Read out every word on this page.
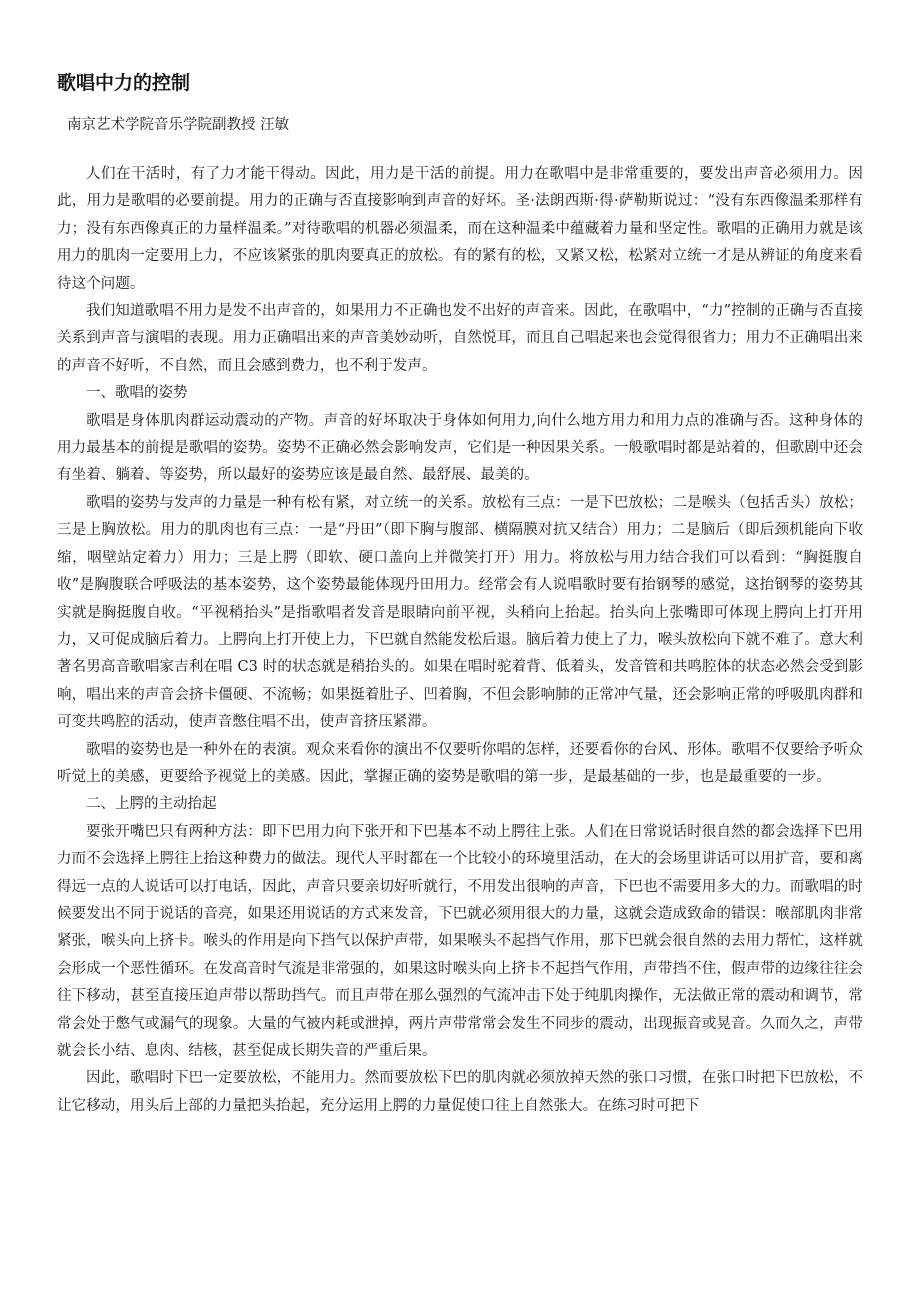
歌唱中力的控制
南京艺术学院音乐学院副教授 汪敏

人们在干活时，有了力才能干得动。因此，用力是干活的前提。用力在歌唱中是非常重要的，要发出声音必须用力。因此，用力是歌唱的必要前提。用力的正确与否直接影响到声音的好坏。圣·法朗西斯·得·萨勒斯说过：“没有东西像温柔那样有力；没有东西像真正的力量样温柔。”对待歌唱的机器必须温柔，而在这种温柔中蕴藏着力量和坚定性。歌唱的正确用力就是该用力的肌肉一定要用上力，不应该紧张的肌肉要真正的放松。有的紧有的松，又紧又松，松紧对立统一才是从辨证的角度来看待这个问题。

我们知道歌唱不用力是发不出声音的，如果用力不正确也发不出好的声音来。因此，在歌唱中，“力”控制的正确与否直接关系到声音与演唱的表现。用力正确唱出来的声音美妙动听，自然悦耳，而且自己唱起来也会觉得很省力；用力不正确唱出来的声音不好听，不自然，而且会感到费力，也不利于发声。

一、歌唱的姿势

歌唱是身体肌肉群运动震动的产物。声音的好坏取决于身体如何用力,向什么地方用力和用力点的准确与否。这种身体的用力最基本的前提是歌唱的姿势。姿势不正确必然会影响发声，它们是一种因果关系。一般歌唱时都是站着的，但歌剧中还会有坐着、躺着、等姿势，所以最好的姿势应该是最自然、最舒展、最美的。

歌唱的姿势与发声的力量是一种有松有紧，对立统一的关系。放松有三点：一是下巴放松；二是喉头（包括舌头）放松；三是上胸放松。用力的肌肉也有三点：一是“丹田”（即下胸与腹部、横隔膜对抗又结合）用力；二是脑后（即后颈机能向下收缩，咽壁站定着力）用力；三是上腭（即软、硬口盖向上并微笑打开）用力。将放松与用力结合我们可以看到：“胸挺腹自收”是胸腹联合呼吸法的基本姿势，这个姿势最能体现丹田用力。经常会有人说唱歌时要有抬钢琴的感觉，这抬钢琴的姿势其实就是胸挺腹自收。“平视稍抬头”是指歌唱者发音是眼睛向前平视，头稍向上抬起。抬头向上张嘴即可体现上腭向上打开用力，又可促成脑后着力。上腭向上打开使上力，下巴就自然能发松后退。脑后着力使上了力，喉头放松向下就不难了。意大利著名男高音歌唱家吉利在唱 C3 时的状态就是稍抬头的。如果在唱时驼着背、低着头，发音管和共鸣腔体的状态必然会受到影响，唱出来的声音会挤卡僵硬、不流畅；如果挺着肚子、凹着胸，不但会影响肺的正常冲气量，还会影响正常的呼吸肌肉群和可变共鸣腔的活动，使声音憋住唱不出，使声音挤压紧滞。

歌唱的姿势也是一种外在的表演。观众来看你的演出不仅要听你唱的怎样，还要看你的台风、形体。歌唱不仅要给予听众听觉上的美感，更要给予视觉上的美感。因此，掌握正确的姿势是歌唱的第一步，是最基础的一步，也是最重要的一步。

二、上腭的主动抬起

要张开嘴巴只有两种方法：即下巴用力向下张开和下巴基本不动上腭往上张。人们在日常说话时很自然的都会选择下巴用力而不会选择上腭往上抬这种费力的做法。现代人平时都在一个比较小的环境里活动，在大的会场里讲话可以用扩音，要和离得远一点的人说话可以打电话，因此，声音只要亲切好听就行，不用发出很响的声音，下巴也不需要用多大的力。而歌唱的时候要发出不同于说话的音亮，如果还用说话的方式来发音，下巴就必须用很大的力量，这就会造成致命的错误：喉部肌肉非常紧张，喉头向上挤卡。喉头的作用是向下挡气以保护声带，如果喉头不起挡气作用，那下巴就会很自然的去用力帮忙，这样就会形成一个恶性循环。在发高音时气流是非常强的，如果这时喉头向上挤卡不起挡气作用，声带挡不住，假声带的边缘往往会往下移动，甚至直接压迫声带以帮助挡气。而且声带在那么强烈的气流冲击下处于纯肌肉操作，无法做正常的震动和调节，常常会处于憋气或漏气的现象。大量的气被内耗或泄掉，两片声带常常会发生不同步的震动，出现振音或晃音。久而久之，声带就会长小结、息肉、结核，甚至促成长期失音的严重后果。

因此，歌唱时下巴一定要放松，不能用力。然而要放松下巴的肌肉就必须放掉天然的张口习惯，在张口时把下巴放松，不让它移动，用头后上部的力量把头抬起，充分运用上腭的力量促使口往上自然张大。在练习时可把下
